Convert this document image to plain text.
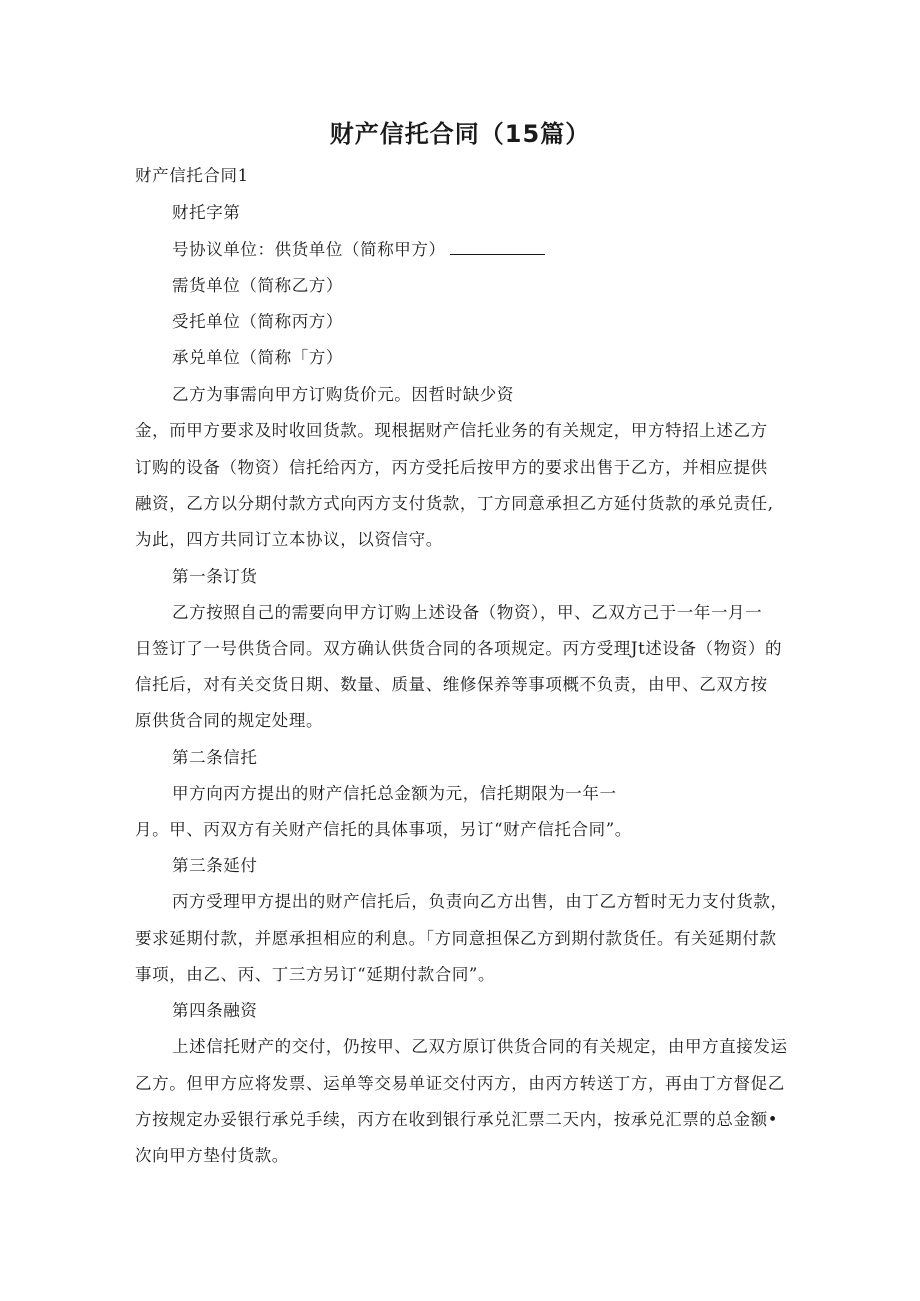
财产信托合同（15篇）
财产信托合同1
财托字第
号协议单位：供货单位（简称甲方）
需货单位（简称乙方）
受托单位（简称丙方）
承兑单位（简称「方）
乙方为事需向甲方订购货价元。因哲时缺少资
金，而甲方要求及时收回货款。现根据财产信托业务的有关规定，甲方特招上述乙方
订购的设备（物资）信托给丙方，丙方受托后按甲方的要求出售于乙方，并相应提供
融资，乙方以分期付款方式向丙方支付货款，丁方同意承担乙方延付货款的承兑责任,
为此，四方共同订立本协议，以资信守。
第一条订货
乙方按照自己的需要向甲方订购上述设备（物资），甲、乙双方己于一年一月一
日签订了一号供货合同。双方确认供货合同的各项规定。丙方受理Jt述设备（物资）的
信托后，对有关交货日期、数量、质量、维修保养等事项概不负责，由甲、乙双方按
原供货合同的规定处理。
第二条信托
甲方向丙方提出的财产信托总金额为元，信托期限为一年一
月。甲、丙双方有关财产信托的具体事项，另订“财产信托合同”。
第三条延付
丙方受理甲方提出的财产信托后，负责向乙方出售，由丁乙方暂时无力支付货款，
要求延期付款，并愿承担相应的利息。「方同意担保乙方到期付款货任。有关延期付款
事项，由乙、丙、丁三方另订“延期付款合同”。
第四条融资
上述信托财产的交付，仍按甲、乙双方原订供货合同的有关规定，由甲方直接发运
乙方。但甲方应将发票、运单等交易单证交付丙方，由丙方转送丁方，再由丁方督促乙
方按规定办妥银行承兑手续，丙方在收到银行承兑汇票二天内，按承兑汇票的总金额•
次向甲方垫付货款。
